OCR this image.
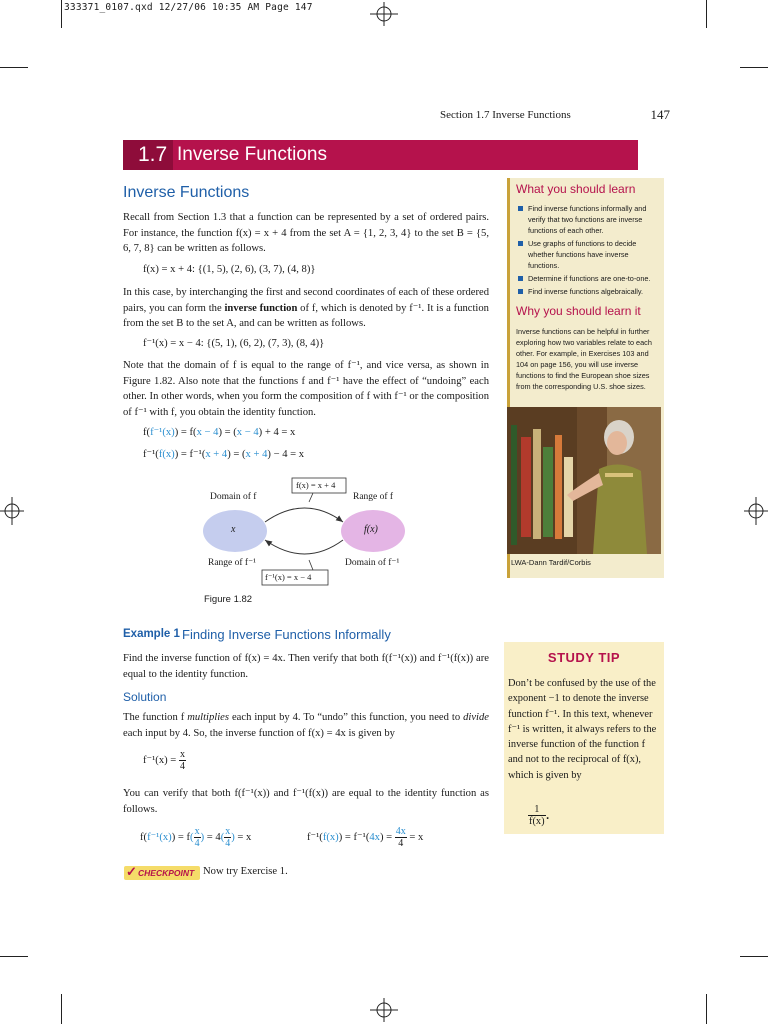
333371_0107.qxd 12/27/06 10:35 AM Page 147
Section 1.7 Inverse Functions	147
1.7 Inverse Functions
Inverse Functions
Recall from Section 1.3 that a function can be represented by a set of ordered pairs. For instance, the function f(x) = x + 4 from the set A = {1, 2, 3, 4} to the set B = {5, 6, 7, 8} can be written as follows.
f(x) = x + 4: {(1, 5), (2, 6), (3, 7), (4, 8)}
In this case, by interchanging the first and second coordinates of each of these ordered pairs, you can form the inverse function of f, which is denoted by f⁻¹. It is a function from the set B to the set A, and can be written as follows.
f⁻¹(x) = x − 4: {(5, 1), (6, 2), (7, 3), (8, 4)}
Note that the domain of f is equal to the range of f⁻¹, and vice versa, as shown in Figure 1.82. Also note that the functions f and f⁻¹ have the effect of “undoing” each other. In other words, when you form the composition of f with f⁻¹ or the composition of f⁻¹ with f, you obtain the identity function.
f(f⁻¹(x)) = f(x − 4) = (x − 4) + 4 = x
f⁻¹(f(x)) = f⁻¹(x + 4) = (x + 4) − 4 = x
f(x) = x + 4
f⁻¹(x) = x − 4
Domain of f	Range of f
Range of f⁻¹	Domain of f⁻¹
x	f(x)
Figure 1.82
Example 1 Finding Inverse Functions Informally
Find the inverse function of f(x) = 4x. Then verify that both f(f⁻¹(x)) and f⁻¹(f(x)) are equal to the identity function.
Solution
The function f multiplies each input by 4. To “undo” this function, you need to divide each input by 4. So, the inverse function of f(x) = 4x is given by
$f^{-1}(x) = \frac{x}{4}$
You can verify that both f(f⁻¹(x)) and f⁻¹(f(x)) are equal to the identity function as follows.
$f(f^{-1}(x)) = f( \frac{x}{4}$ ) = $4( \frac{x}{4}$ ) = x	$f^{-1}(f(x)) = f^{-1}(4x) = \frac{4x}{4} = x$
✓ CHECKPOINT Now try Exercise 1.
What you should learn
Find inverse functions informally and verify that two functions are inverse functions of each other.
Use graphs of functions to decide whether functions have inverse functions.
Determine if functions are one-to-one.
Find inverse functions algebraically.
Why you should learn it

Inverse functions can be helpful in further exploring how two variables relate to each other. For example, in Exercises 103 and 104 on page 156, you will use inverse functions to find the European shoe sizes from the corresponding U.S. shoe sizes.

LWA-Dann Tardif/Corbis
STUDY TIP
Don’t be confused by the use of the exponent −1 to denote the inverse function f⁻¹. In this text, whenever f⁻¹ is written, it always refers to the inverse function of the function f and not to the reciprocal of f(x), which is given by
$\frac{1}{f(x)}$ .
